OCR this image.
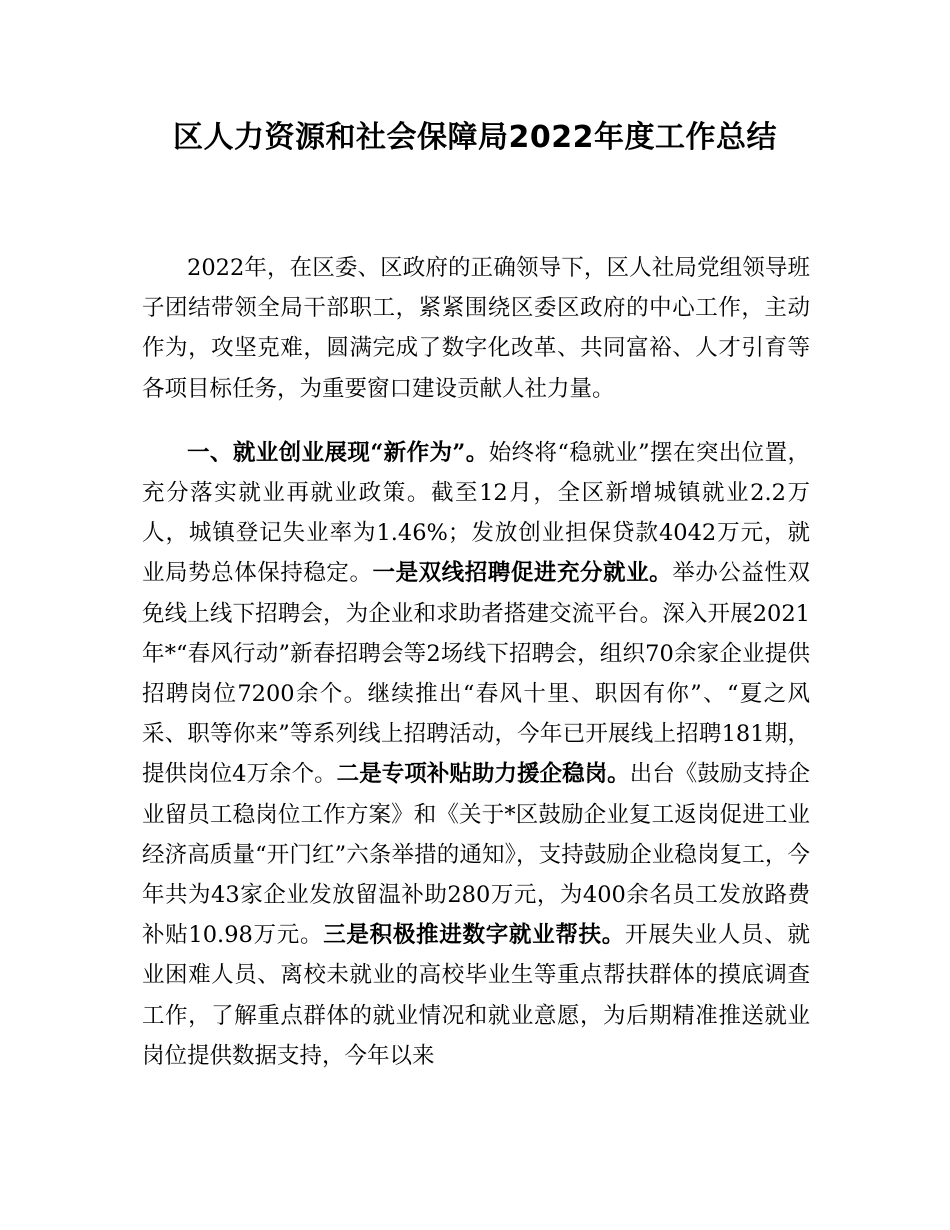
区人力资源和社会保障局2022年度工作总结

2022年，在区委、区政府的正确领导下，区人社局党组领导班子团结带领全局干部职工，紧紧围绕区委区政府的中心工作，主动作为，攻坚克难，圆满完成了数字化改革、共同富裕、人才引育等各项目标任务，为重要窗口建设贡献人社力量。

一、就业创业展现“新作为”。始终将“稳就业”摆在突出位置，充分落实就业再就业政策。截至12月，全区新增城镇就业2.2万人，城镇登记失业率为1.46%；发放创业担保贷款4042万元，就业局势总体保持稳定。一是双线招聘促进充分就业。举办公益性双免线上线下招聘会，为企业和求助者搭建交流平台。深入开展2021年*“春风行动”新春招聘会等2场线下招聘会，组织70余家企业提供招聘岗位7200余个。继续推出“春风十里、职因有你”、“夏之风采、职等你来”等系列线上招聘活动，今年已开展线上招聘181期，提供岗位4万余个。二是专项补贴助力援企稳岗。出台《鼓励支持企业留员工稳岗位工作方案》和《关于*区鼓励企业复工返岗促进工业经济高质量“开门红”六条举措的通知》，支持鼓励企业稳岗复工，今年共为43家企业发放留温补助280万元，为400余名员工发放路费补贴10.98万元。三是积极推进数字就业帮扶。开展失业人员、就业困难人员、离校未就业的高校毕业生等重点帮扶群体的摸底调查工作，了解重点群体的就业情况和就业意愿，为后期精准推送就业岗位提供数据支持，今年以来
